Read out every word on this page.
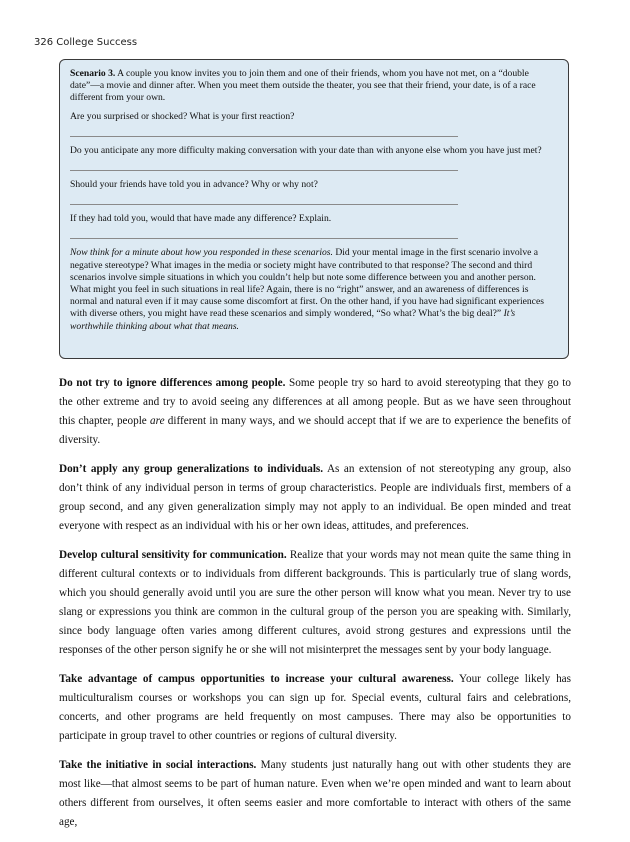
326 College Success

Scenario 3. A couple you know invites you to join them and one of their friends, whom you have not met, on a “double date”—a movie and dinner after. When you meet them outside the theater, you see that their friend, your date, is of a race different from your own.

Are you surprised or shocked? What is your first reaction?

Do you anticipate any more difficulty making conversation with your date than with anyone else whom you have just met?

Should your friends have told you in advance? Why or why not?

If they had told you, would that have made any difference? Explain.

Now think for a minute about how you responded in these scenarios. Did your mental image in the first scenario involve a negative stereotype? What images in the media or society might have contributed to that response? The second and third scenarios involve simple situations in which you couldn’t help but note some difference between you and another person. What might you feel in such situations in real life? Again, there is no “right” answer, and an awareness of differences is normal and natural even if it may cause some discomfort at first. On the other hand, if you have had significant experiences with diverse others, you might have read these scenarios and simply wondered, “So what? What’s the big deal?” It’s worthwhile thinking about what that means.

Do not try to ignore differences among people. Some people try so hard to avoid stereotyping that they go to the other extreme and try to avoid seeing any differences at all among people. But as we have seen throughout this chapter, people are different in many ways, and we should accept that if we are to experience the benefits of diversity.

Don’t apply any group generalizations to individuals. As an extension of not stereotyping any group, also don’t think of any individual person in terms of group characteristics. People are individuals first, members of a group second, and any given generalization simply may not apply to an individual. Be open minded and treat everyone with respect as an individual with his or her own ideas, attitudes, and preferences.

Develop cultural sensitivity for communication. Realize that your words may not mean quite the same thing in different cultural contexts or to individuals from different backgrounds. This is particularly true of slang words, which you should generally avoid until you are sure the other person will know what you mean. Never try to use slang or expressions you think are common in the cultural group of the person you are speaking with. Similarly, since body language often varies among different cultures, avoid strong gestures and expressions until the responses of the other person signify he or she will not misinterpret the messages sent by your body language.

Take advantage of campus opportunities to increase your cultural awareness. Your college likely has multiculturalism courses or workshops you can sign up for. Special events, cultural fairs and celebrations, concerts, and other programs are held frequently on most campuses. There may also be opportunities to participate in group travel to other countries or regions of cultural diversity.

Take the initiative in social interactions. Many students just naturally hang out with other students they are most like—that almost seems to be part of human nature. Even when we’re open minded and want to learn about others different from ourselves, it often seems easier and more comfortable to interact with others of the same age,
